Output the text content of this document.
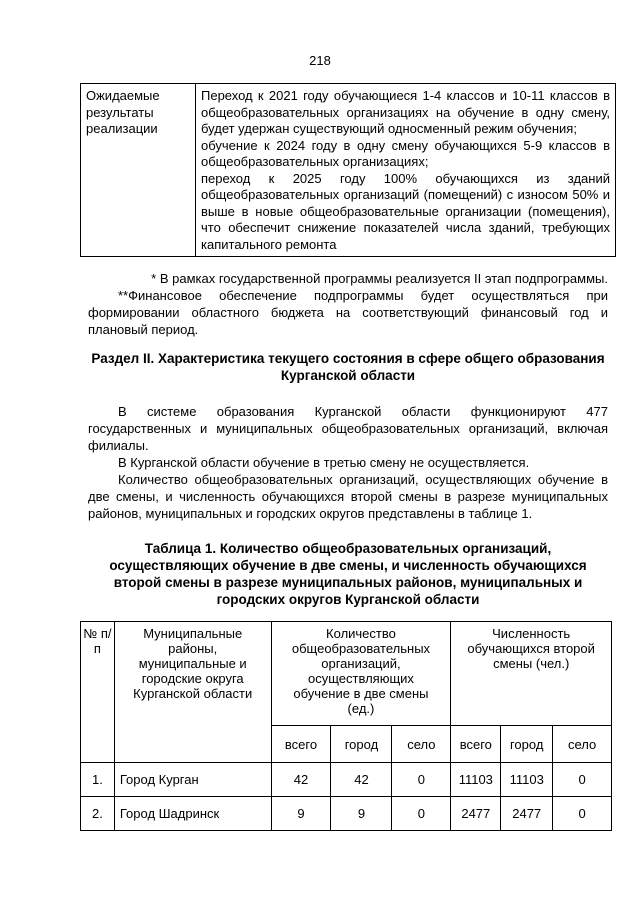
218
Ожидаемые
результаты
реализации

Переход к 2021 году обучающиеся 1-4 классов и 10-11 классов в общеобразовательных организациях на обучение в одну смену, будет удержан существующий односменный режим обучения;

обучение к 2024 году в одну смену обучающихся 5-9 классов в общеобразовательных организациях;

переход к 2025 году 100% обучающихся из зданий общеобразовательных организаций (помещений) с износом 50% и выше в новые общеобразовательные организации (помещения), что обеспечит снижение показателей числа зданий, требующих капитального ремонта

* В рамках государственной программы реализуется II этап подпрограммы.

**Финансовое обеспечение подпрограммы будет осуществляться при формировании областного бюджета на соответствующий финансовый год и плановый период.

Раздел II. Характеристика текущего состояния в сфере общего образования Курганской области

В системе образования Курганской области функционируют 477 государственных и муниципальных общеобразовательных организаций, включая филиалы.

В Курганской области обучение в третью смену не осуществляется.

Количество общеобразовательных организаций, осуществляющих обучение в две смены, и численность обучающихся второй смены в разрезе муниципальных районов, муниципальных и городских округов представлены в таблице 1.

Таблица 1. Количество общеобразовательных организаций, осуществляющих обучение в две смены, и численность обучающихся второй смены в разрезе муниципальных районов, муниципальных и городских округов Курганской области
№ п/п	Муниципальные районы, муниципальные и городские округа Курганской области	Количество общеобразовательных организаций, осуществляющих обучение в две смены (ед.)			Численность обучающихся второй смены (чел.)		
		всего	город	село	всего	город	село
1.	Город Курган	42	42	0	11103	11103	0
2.	Город Шадринск	9	9	0	2477	2477	0
